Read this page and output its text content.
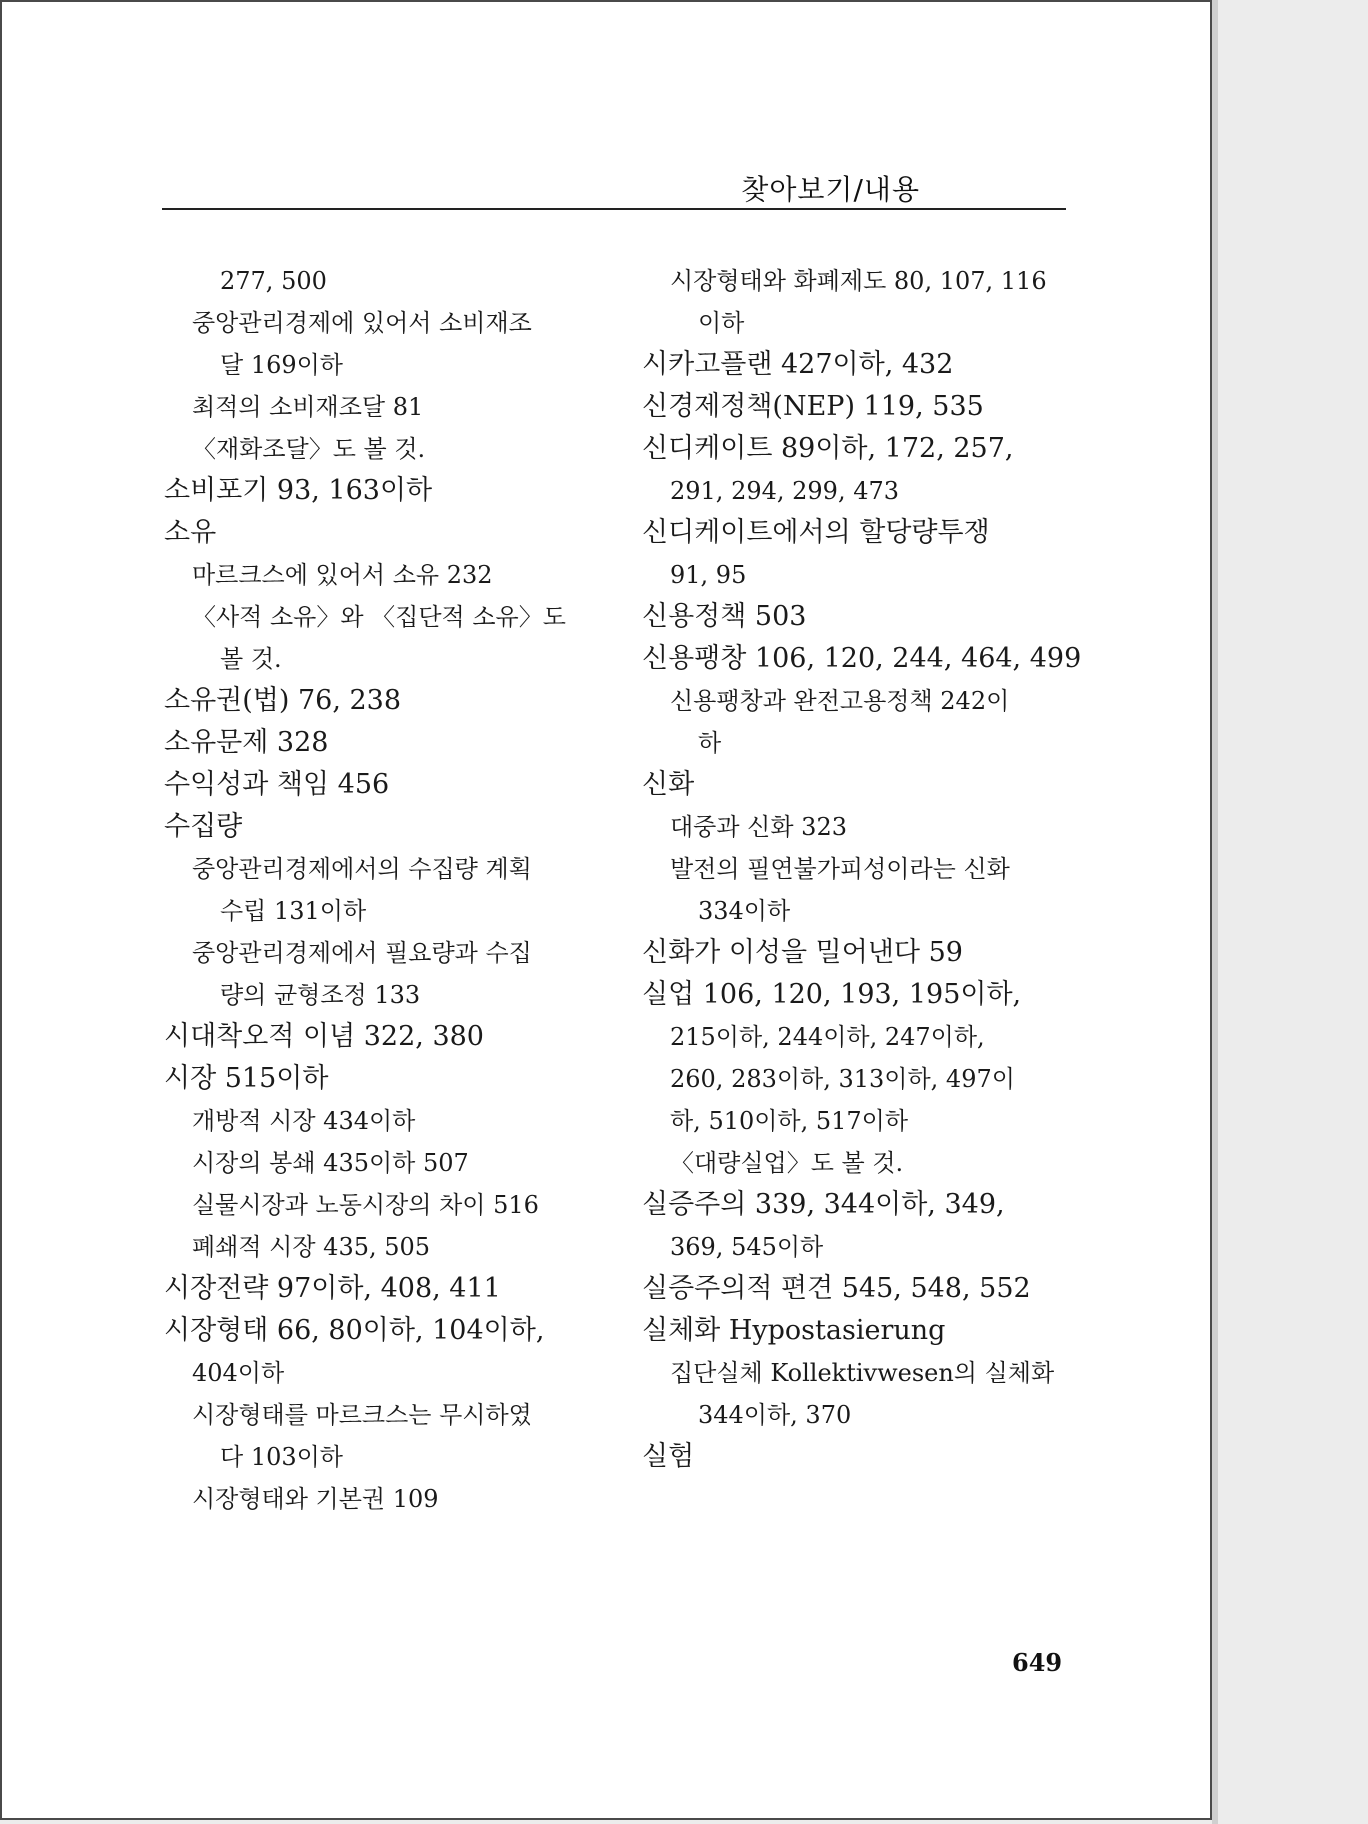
찾아보기/내용
277, 500
중앙관리경제에 있어서 소비재조
달 169이하
최적의 소비재조달 81
〈재화조달〉도 볼 것.
소비포기 93, 163이하
소유
마르크스에 있어서 소유 232
〈사적 소유〉와 〈집단적 소유〉도
볼 것.
소유권(법) 76, 238
소유문제 328
수익성과 책임 456
수집량
중앙관리경제에서의 수집량 계획
수립 131이하
중앙관리경제에서 필요량과 수집
량의 균형조정 133
시대착오적 이념 322, 380
시장 515이하
개방적 시장 434이하
시장의 봉쇄 435이하 507
실물시장과 노동시장의 차이 516
폐쇄적 시장 435, 505
시장전략 97이하, 408, 411
시장형태 66, 80이하, 104이하,
404이하
시장형태를 마르크스는 무시하였
다 103이하
시장형태와 기본권 109
시장형태와 화폐제도 80, 107, 116
이하
시카고플랜 427이하, 432
신경제정책(NEP) 119, 535
신디케이트 89이하, 172, 257,
291, 294, 299, 473
신디케이트에서의 할당량투쟁
91, 95
신용정책 503
신용팽창 106, 120, 244, 464, 499
신용팽창과 완전고용정책 242이
하
신화
대중과 신화 323
발전의 필연불가피성이라는 신화
334이하
신화가 이성을 밀어낸다 59
실업 106, 120, 193, 195이하,
215이하, 244이하, 247이하,
260, 283이하, 313이하, 497이
하, 510이하, 517이하
〈대량실업〉도 볼 것.
실증주의 339, 344이하, 349,
369, 545이하
실증주의적 편견 545, 548, 552
실체화 Hypostasierung
집단실체 Kollektivwesen의 실체화
344이하, 370
실험
649
